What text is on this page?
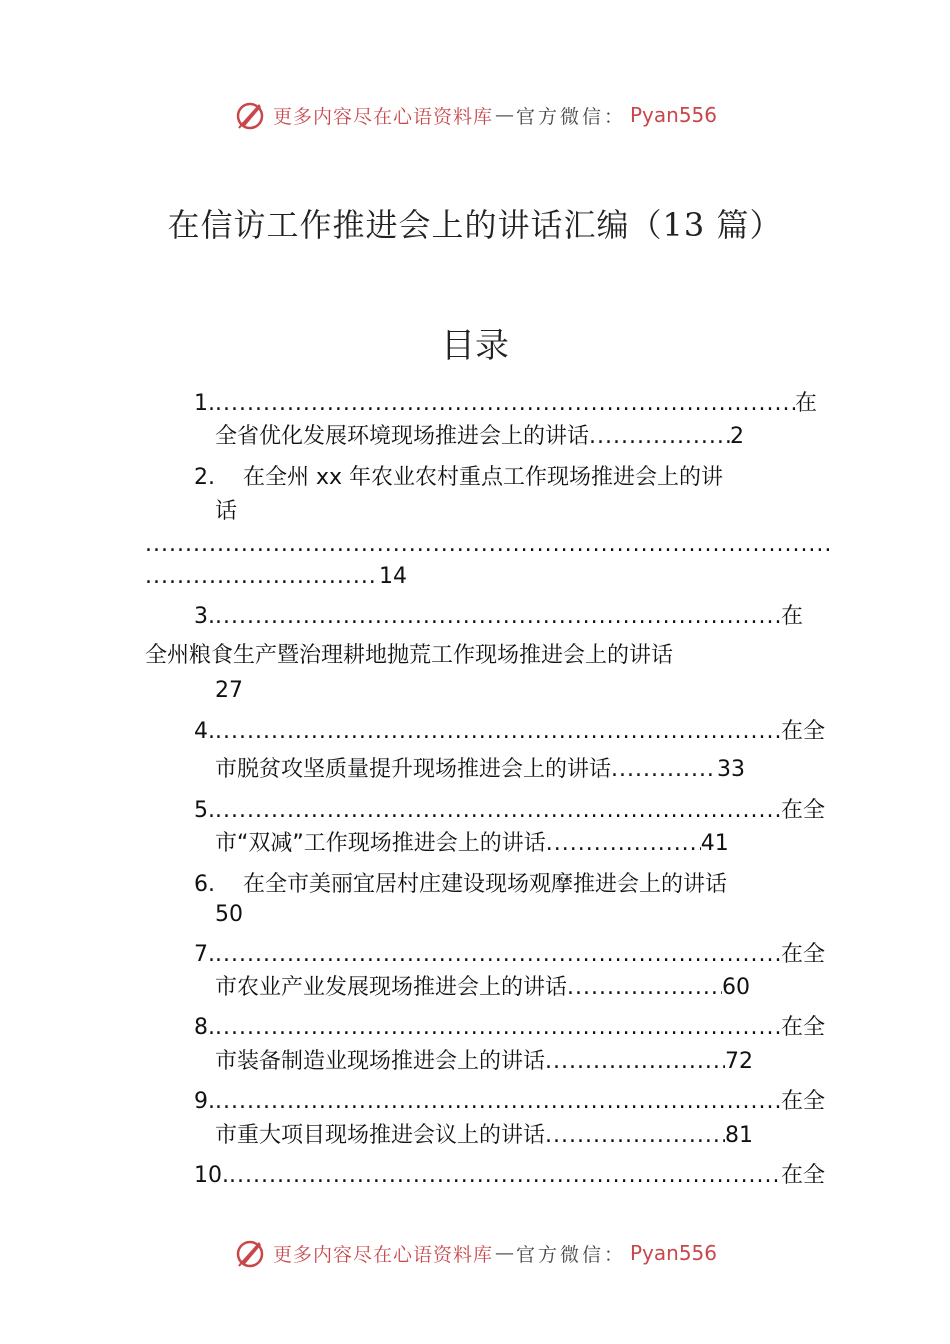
更多内容尽在心语资料库 — 官方微信： Pyan556
在信访工作推进会上的讲话汇编（13 篇）
目录
1. .....	在
全省优化发展环境现场推进会上的讲话 .....	2
2. 在全州 xx 年农业农村重点工作现场推进会上的讲
话
.....
.....14
3. .....	在
全州粮食生产暨治理耕地抛荒工作现场推进会上的讲话
27
4. .....	在全
市脱贫攻坚质量提升现场推进会上的讲话 .....	33
5. .....	在全
市“双减”工作现场推进会上的讲话 .....	41
6. 在全市美丽宜居村庄建设现场观摩推进会上的讲话
50
7. .....	在全
市农业产业发展现场推进会上的讲话 .....	60
8. .....	在全
市装备制造业现场推进会上的讲话 .....	72
9. .....	在全
市重大项目现场推进会议上的讲话 .....	81
10. .....	在全
更多内容尽在心语资料库 — 官方微信： Pyan556
